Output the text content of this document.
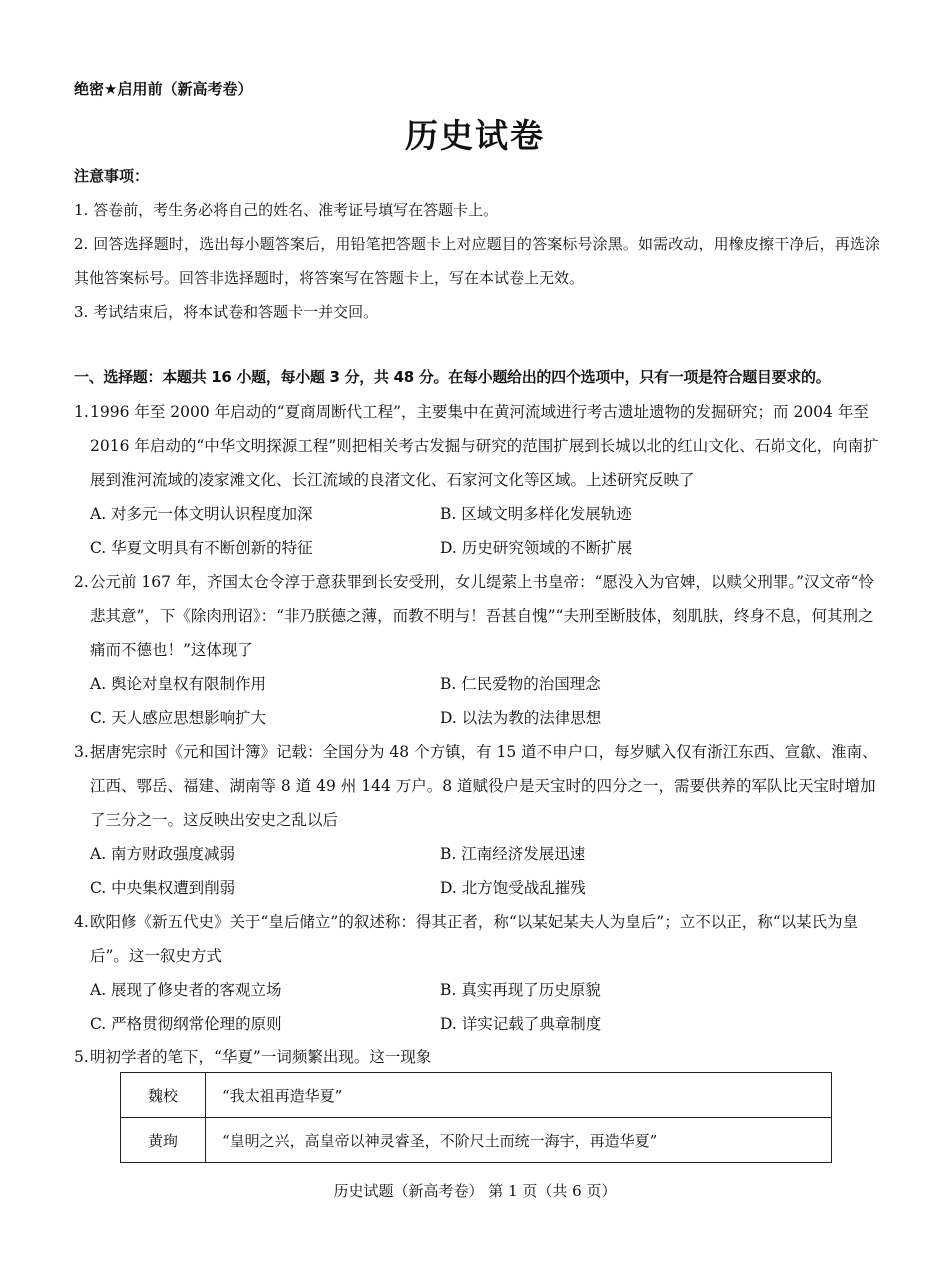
绝密★启用前（新高考卷）
历史试卷
注意事项：
1. 答卷前，考生务必将自己的姓名、准考证号填写在答题卡上。
2. 回答选择题时，选出每小题答案后，用铅笔把答题卡上对应题目的答案标号涂黑。如需改动，用橡皮擦干净后，再选涂其他答案标号。回答非选择题时，将答案写在答题卡上，写在本试卷上无效。
3. 考试结束后，将本试卷和答题卡一并交回。
一、选择题：本题共 16 小题，每小题 3 分，共 48 分。在每小题给出的四个选项中，只有一项是符合题目要求的。
1. 1996 年至 2000 年启动的“夏商周断代工程”，主要集中在黄河流域进行考古遗址遗物的发掘研究；而 2004 年至 2016 年启动的“中华文明探源工程”则把相关考古发掘与研究的范围扩展到长城以北的红山文化、石峁文化，向南扩展到淮河流域的凌家滩文化、长江流域的良渚文化、石家河文化等区域。上述研究反映了
A. 对多元一体文明认识程度加深	B. 区域文明多样化发展轨迹
C. 华夏文明具有不断创新的特征	D. 历史研究领域的不断扩展
2. 公元前 167 年，齐国太仓令淳于意获罪到长安受刑，女儿缇萦上书皇帝：“愿没入为官婢，以赎父刑罪。”汉文帝“怜悲其意”，下《除肉刑诏》：“非乃朕德之薄，而教不明与！吾甚自愧”“夫刑至断肢体，刻肌肤，终身不息，何其刑之痛而不德也！”这体现了
A. 舆论对皇权有限制作用	B. 仁民爱物的治国理念
C. 天人感应思想影响扩大	D. 以法为教的法律思想
3. 据唐宪宗时《元和国计簿》记载：全国分为 48 个方镇，有 15 道不申户口，每岁赋入仅有浙江东西、宣歙、淮南、江西、鄂岳、福建、湖南等 8 道 49 州 144 万户。8 道赋役户是天宝时的四分之一，需要供养的军队比天宝时增加了三分之一。这反映出安史之乱以后
A. 南方财政强度减弱	B. 江南经济发展迅速
C. 中央集权遭到削弱	D. 北方饱受战乱摧残
4. 欧阳修《新五代史》关于“皇后储立”的叙述称：得其正者，称“以某妃某夫人为皇后”；立不以正，称“以某氏为皇后”。这一叙史方式
A. 展现了修史者的客观立场	B. 真实再现了历史原貌
C. 严格贯彻纲常伦理的原则	D. 详实记载了典章制度
5. 明初学者的笔下，“华夏”一词频繁出现。这一现象
魏校	“我太祖再造华夏”
黄珣	“皇明之兴，高皇帝以神灵睿圣，不阶尺土而统一海宇，再造华夏”
历史试题（新高考卷） 第 1 页（共 6 页）
